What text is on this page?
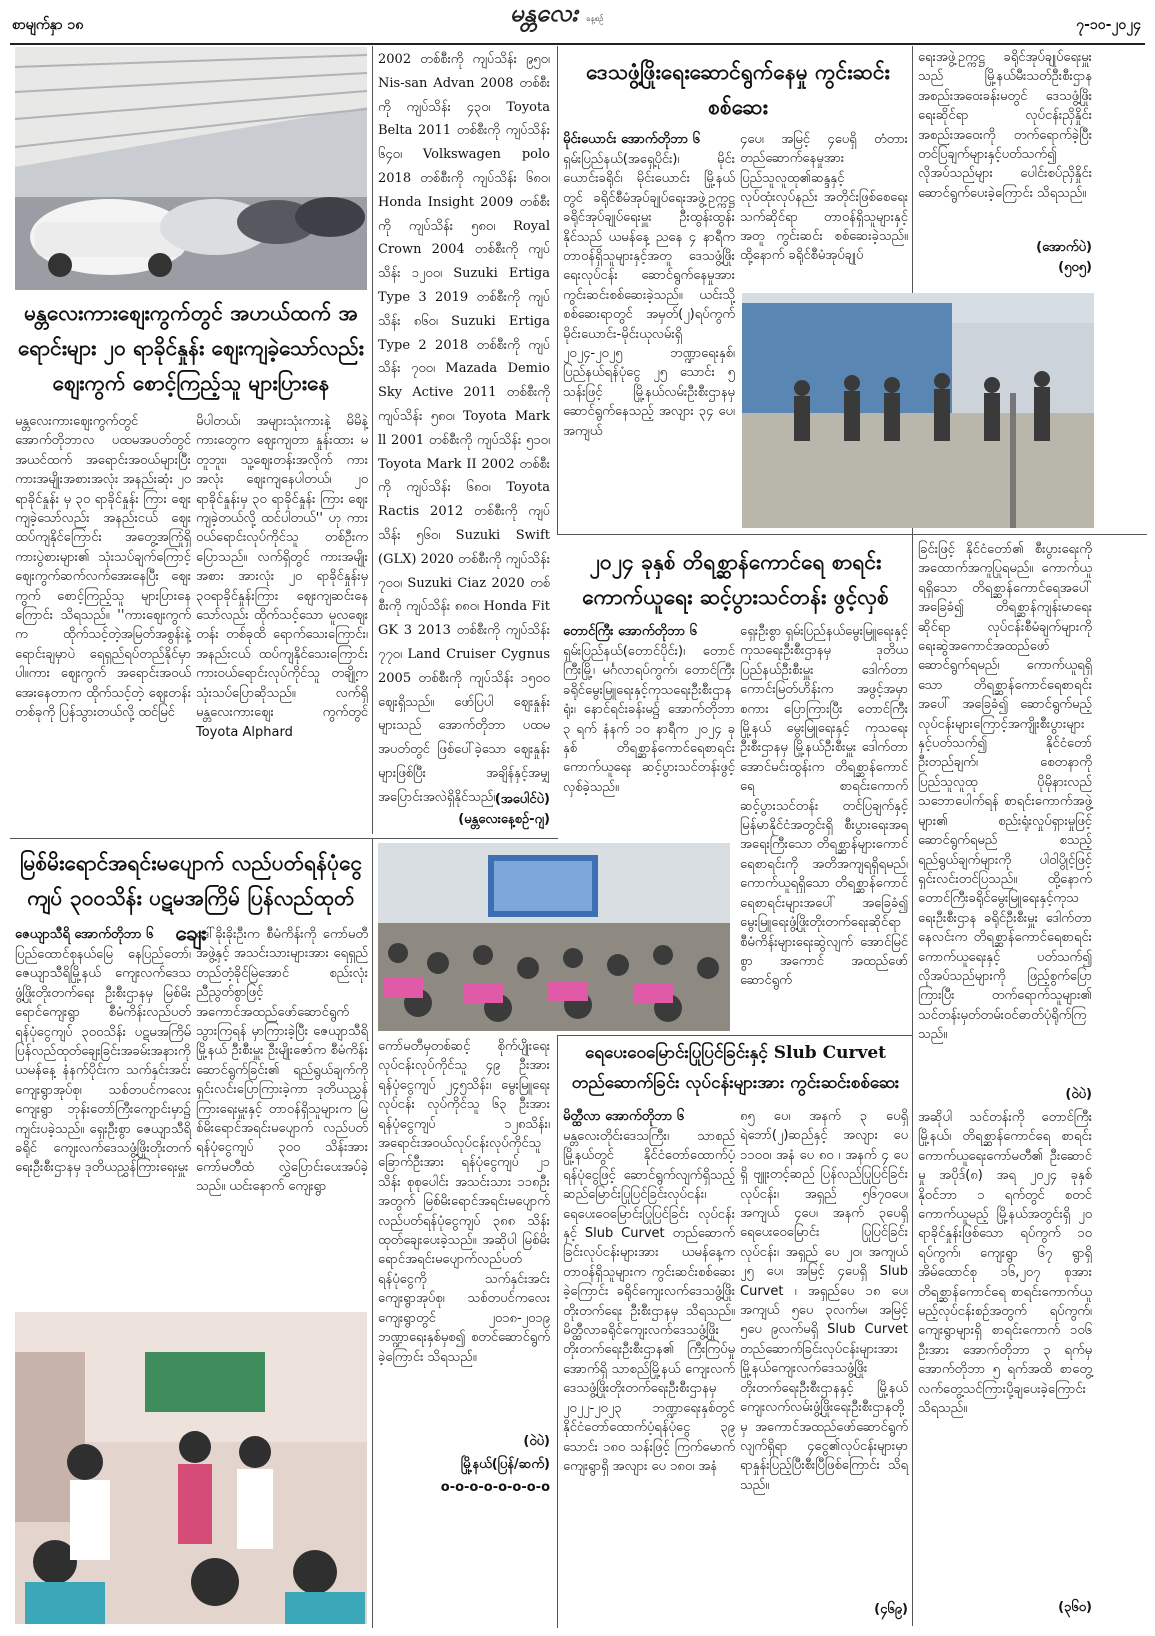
စာမျက်နှာ ၁၈	မန္တလေး နေ့စဉ်	၇-၁၀-၂၀၂၄
မန္တလေးကားစျေးကွက်တွင် အဟယ်ထက် အရောင်းများ ၂၀ ရာခိုင်နှုန်း စျေးကျခဲ့သော်လည်း စျေးကွက် စောင့်ကြည့်သူ များပြားနေ
မန္တလေးကားစျေးကွက်တွင် အောက်တိုဘာလ ပထမအပတ်တွင် အယင်ထက် အရောင်းအဝယ်များပြီး ကားအမျိုးအစားအလုံး အနည်းဆုံး ၂၀ ရာခိုင်နှုန်း မှ ၃၀ ရာခိုင်နှုန်း ကြား စျေးကျခဲ့သော်လည်း အနည်းငယ် စျေးထပ်ကျနိုင်ကြောင်း အတွေ့အကြုံရှိ ကားပွဲစားများ၏ သုံးသပ်ချက်ကြောင့် စျေးကွက်ဆက်လက်အေးနေပြီး စျေးကွက် စောင့်ကြည့်သူ များပြားနေကြောင်း သိရသည်။ ''ကားစျေးကွက်က ထိုက်သင့်တဲ့အမြတ်အစွန်းနဲ့ ရောင်းချမှာပဲ ရေရှည်ရပ်တည်နိုင်မှာပါ။ကား စျေးကွက် အရောင်းအဝယ်အေးနေတာက ထိုက်သင့်တဲ့ စျေးတန်းတစ်ခုကို ပြန်သွားတယ်လို့ ထင်မြင်
မိပါတယ်၊ အများသုံးကားနဲ့ မိမိနဲ့ ကားတွေက စျေးကျတာ နှုန်းထား မတူဘူး၊ သူ့စျေးတန်းအလိုက် ကားအလုံး စျေးကျနေပါတယ်၊ ၂၀ ရာခိုင်နှုန်းမှ ၃၀ ရာခိုင်နှုန်း ကြား စျေးကျခဲ့တယ်လို့ ထင်ပါတယ်'' ဟု ကားဝယ်ရောင်းလုပ်ကိုင်သူ တစ်ဦးက ပြောသည်။ လက်ရှိတွင် ကားအမျိုးအစား အားလုံး ၂၀ ရာခိုင်နှုန်းမှ ၃၀ရာခိုင်နှုန်းကြား စျေးကျဆင်းနေသော်လည်း ထိုက်သင့်သော မူလစျေးတန်း တစ်ခုထိ ရောက်သေးကြောင်း၊ အနည်းငယ် ထပ်ကျနိုင်သေးကြောင်း ကားဝယ်ရောင်းလုပ်ကိုင်သူ တချို့က သုံးသပ်ပြောဆိုသည်။ လက်ရှိ မန္တလေးကားစျေး ကွက်တွင် Toyota Alphard
2002 တစ်စီးကို ကျပ်သိန်း ၉၅၀၊ Nis-san Advan 2008 တစ်စီးကို ကျပ်သိန်း ၄၃၀၊ Toyota Belta 2011 တစ်စီးကို ကျပ်သိန်း ၆၄၀၊ Volkswagen polo 2018 တစ်စီးကို ကျပ်သိန်း ၆၈၀၊ Honda Insight 2009 တစ်စီးကို ကျပ်သိန်း ၅၈၀၊ Royal Crown 2004 တစ်စီးကို ကျပ်သိန်း ၁၂၀၀၊ Suzuki Ertiga Type 3 2019 တစ်စီးကို ကျပ်သိန်း ၈၆၀၊ Suzuki Ertiga Type 2 2018 တစ်စီးကို ကျပ်သိန်း ၇၀၀၊ Mazada Demio Sky Active 2011 တစ်စီးကို ကျပ်သိန်း ၅၈၀၊ Toyota Mark ll 2001 တစ်စီးကို ကျပ်သိန်း ၅၁၀၊ Toyota Mark II 2002 တစ်စီးကို ကျပ်သိန်း ၆၈၀၊ Toyota Ractis 2012 တစ်စီးကို ကျပ်သိန်း ၅၆၀၊ Suzuki Swift (GLX) 2020 တစ်စီးကို ကျပ်သိန်း ၇၀၀၊ Suzuki Ciaz 2020 တစ်စီးကို ကျပ်သိန်း ၈၈၀၊ Honda Fit GK 3 2013 တစ်စီးကို ကျပ်သိန်း ၇၇၀၊ Land Cruiser Cygnus 2005 တစ်စီးကို ကျပ်သိန်း ၁၅၀၀ စျေးရှိသည်။ ဖော်ပြပါ စျေးနှုန်းများသည် အောက်တိုဘာ ပထမအပတ်တွင် ဖြစ်ပေါ်ခဲ့သော စျေးနှုန်းများဖြစ်ပြီး အချိန်နှင့်အမျှ အပြောင်းအလဲရှိနိုင်သည်။
(အပေါင်ပဲ)
(မန္တလေးနေ့စဉ်-ဂျ)
ဒေသဖွံ့ဖြိုးရေးဆောင်ရွက်နေမှု ကွင်းဆင်းစစ်ဆေး
မိုင်းယောင်း အောက်တိုဘာ ၆
ရှမ်းပြည်နယ်(အရှေ့ပိုင်း)၊ မိုင်းယောင်းခရိုင်၊ မိုင်းယောင်း မြို့နယ်တွင် ခရိုင်စီမံအုပ်ချုပ်ရေးအဖွဲ့ဥက္ကဋ္ဌ ခရိုင်အုပ်ချုပ်ရေးမှူး ဦးထွန်းထွန်းနိုင်သည် ယမန်နေ့ ညနေ ၄ နာရီက တာဝန်ရှိသူများနှင့်အတူ ဒေသဖွံ့ဖြိုးရေးလုပ်ငန်း ဆောင်ရွက်နေမှုအား ကွင်းဆင်းစစ်ဆေးခဲ့သည်။ ယင်းသို့ စစ်ဆေးရာတွင် အမှတ်(၂)ရပ်ကွက် မိုင်းယောင်း-မိုင်းယုလမ်းရှိ ၂၀၂၄-၂၀၂၅ ဘဏ္ဍာရေးနှစ်၊ ပြည်နယ်ရန်ပုံငွေ ၂၅ သောင်း ၅ သန်းဖြင့် မြို့နယ်လမ်းဦးစီးဌာနမှ ဆောင်ရွက်နေသည့် အလျား ၃၄ ပေ၊ အကျယ်
၄ပေ၊ အမြင့် ၄ပေရှိ တံတားတည်ဆောက်နေမှုအား ပြည်သူလူထု၏ဆန္ဒနှင့် လုပ်ထုံးလုပ်နည်း အတိုင်းဖြစ်စေရေး သက်ဆိုင်ရာ တာဝန်ရှိသူများနှင့်အတူ ကွင်းဆင်း စစ်ဆေးခဲ့သည်။ ထို့နောက် ခရိုင်စီမံအုပ်ချုပ်
ရေးအဖွဲ့ဥက္ကဋ္ဌ ခရိုင်အုပ်ချုပ်ရေးမှူးသည် မြို့နယ်မီးသတ်ဦးစီးဌာန အစည်းအဝေးခန်းမတွင် ဒေသဖွံ့ဖြိုးရေးဆိုင်ရာ လုပ်ငန်းညှိနှိုင်း အစည်းအဝေးကို တက်ရောက်ခဲ့ပြီး တင်ပြချက်များနှင့်ပတ်သက်၍ လိုအပ်သည်များ ပေါင်းစပ်ညှိနှိုင်း ဆောင်ရွက်ပေးခဲ့ကြောင်း သိရသည်။
(အောက်ပဲ)
(၅၀၅)
၂၀၂၄ ခုနှစ် တိရစ္ဆာန်ကောင်ရေ စာရင်းကောက်ယူရေး ဆင့်ပွားသင်တန်း ဖွင့်လှစ်
တောင်ကြီး အောက်တိုဘာ ၆
ရှမ်းပြည်နယ်(တောင်ပိုင်း)၊ တောင်ကြီးမြို့၊ မင်္ဂလာရပ်ကွက်၊ တောင်ကြီးခရိုင်မွေးမြူရေးနှင့်ကုသရေးဦးစီးဌာနရုံး၊ နောင်ရင်းခန်းမ၌ အောက်တိုဘာ ၃ ရက် နံနက် ၁၀ နာရီက ၂၀၂၄ ခုနှစ် တိရစ္ဆာန်ကောင်ရေစာရင်းကောက်ယူရေး ဆင့်ပွားသင်တန်းဖွင့်လှစ်ခဲ့သည်။
ရှေးဦးစွာ ရှမ်းပြည်နယ်မွေးမြူရေးနှင့်ကုသရေးဦးစီးဌာနမှ ဒုတိယ ပြည်နယ်ဦးစီးမှူး ဒေါက်တာ ကောင်းမြတ်ဟိန်းက အဖွင့်အမှာစကား ပြောကြားပြီး တောင်ကြီးမြို့နယ် မွေးမြူရေးနှင့် ကုသရေးဦးစီးဌာနမှ မြို့နယ်ဦးစီးမှူး ဒေါက်တာ အောင်မင်းထွန်းက တိရစ္ဆာန်ကောင်ရေ စာရင်းကောက် ဆင့်ပွားသင်တန်း တင်ပြချက်နှင့် မြန်မာနိုင်ငံအတွင်းရှိ စီးပွားရေးအရ အရေးကြီးသော တိရစ္ဆာန်များကောင်ရေစာရင်းကို အတိအကျရရှိရမည်၊ ကောက်ယူရရှိသော တိရစ္ဆာန်ကောင်ရေစာရင်းများအပေါ် အခြေခံ၍ မွေးမြူရေးဖွံ့ဖြိုးတိုးတက်ရေးဆိုင်ရာ စီမံကိန်းများရေးဆွဲလျက် အောင်မြင်စွာ အကောင် အထည်ဖော်ဆောင်ရွက်
ခြင်းဖြင့် နိုင်ငံတော်၏ စီးပွားရေးကို အထောက်အကူပြုရမည်။ ကောက်ယူရရှိသော တိရစ္ဆာန်ကောင်ရေအပေါ် အခြေခံ၍ တိရစ္ဆာန်ကျန်းမာရေးဆိုင်ရာ လုပ်ငန်းစီမံချက်များကို ရေးဆွဲအကောင်အထည်ဖော် ဆောင်ရွက်ရမည်၊ ကောက်ယူရရှိသော တိရစ္ဆာန်ကောင်ရေစာရင်းအပေါ် အခြေခံ၍ ဆောင်ရွက်မည့်လုပ်ငန်းများကြောင့်အကျိုးစီးပွားများနှင့်ပတ်သက်၍ နိုင်ငံတော်ဦးတည်ချက်၊ စေတနာကို ပြည်သူလူထု ပိုမိုနားလည်သဘောပေါက်ရန် စာရင်းကောက်အဖွဲ့များ၏ စည်းရုံးလှုပ်ရှားမှုဖြင့် ဆောင်ရွက်ရမည် စသည့် ရည်ရွယ်ချက်များကို ပါဝါပွိုင့်ဖြင့် ရှင်းလင်းတင်ပြသည်။ ထို့နောက် တောင်ကြီးခရိုင်မွေးမြူရေးနှင့်ကုသရေးဦးစီးဌာန ခရိုင်ဦးစီးမှူး ဒေါက်တာ နေလင်းက တိရစ္ဆာန်ကောင်ရေစာရင်းကောက်ယူရေးနှင့် ပတ်သက်၍ လိုအပ်သည်များကို ဖြည့်စွက်ပြောကြားပြီး တက်ရောက်သူများ၏ သင်တန်းမှတ်တမ်းဝင်ဓာတ်ပုံရိုက်ကြသည်။
(ဝဲပဲ)
အဆိုပါ သင်တန်းကို တောင်ကြီးမြို့နယ်၊ တိရစ္ဆာန်ကောင်ရေ စာရင်းကောက်ယူရေးကော်မတီ၏ ဦးဆောင်မှု အပိုဒ်(၈) အရ ၂၀၂၄ ခုနှစ် နိုဝင်ဘာ ၁ ရက်တွင် စတင်ကောက်ယူမည့် မြို့နယ်အတွင်းရှိ ၂၀ ရာခိုင်နှုန်းဖြစ်သော ရပ်ကွက် ၁၀ ရပ်ကွက်၊ ကျေးရွာ ၆၇ ရွာရှိ အိမ်ထောင်စု ၁၆,၂၀၇ စုအား တိရစ္ဆာန်ကောင်ရေ စာရင်းကောက်ယူမည့်လုပ်ငန်းစဉ်အတွက် ရပ်ကွက်၊ကျေးရွာများရှိ စာရင်းကောက် ၁၀၆ ဦးအား အောက်တိုဘာ ၃ ရက်မှ အောက်တိုဘာ ၅ ရက်အထိ စာတွေ့လက်တွေ့သင်ကြားပို့ချပေးခဲ့ကြောင်း သိရသည်။
(၃၆၀)
မြစ်မိးရောင်အရင်းမပျောက် လည်ပတ်ရန်ပုံငွေကျပ် ၃၀၀သိန်း ပဋမအကြိမ် ပြန်လည်ထုတ်ချေး
ဇေယျာသီရိ အောက်တိုဘာ ၆
ပြည်ထောင်စုနယ်မြေ နေပြည်တော်၊ ဇေယျာသီရိမြို့နယ် ကျေးလက်ဒေသဖွံ့ဖြိုးတိုးတက်ရေး ဦးစီးဌာနမှ မြစ်မိးရောင်ကျေးရွာ စီမံကိန်းလည်ပတ်ရန်ပုံငွေကျပ် ၃၀၀သိန်း ပဋမအကြိမ် ပြန်လည်ထုတ်ချေးခြင်းအခမ်းအနားကို ယမန်နေ့ နံနက်ပိုင်းက သက်နှင်းအင်းကျေးရွာအုပ်စု၊ သစ်တပင်ကလေးကျေးရွာ ဘုန်းတော်ကြီးကျောင်းမှာ၌ ကျင်းပခဲ့သည်။ ရှေးဦးစွာ ဇေယျာသီရိခရိုင် ကျေးလက်ဒေသဖွံ့ဖြိုးတိုးတက်ရေးဦးစီးဌာနမှ ဒုတိယညွှန်ကြားရေးမှူး
ဒေါ်ခိုးခိုးဦးက စီမံကိန်းကို ကော်မတီအဖွဲ့နှင့် အသင်းသားများအား ရေရှည်တည်တံ့ခိုင်မြဲအောင် စည်းလုံးညီညွတ်စွာဖြင့် အကောင်အထည်ဖော်ဆောင်ရွက်သွားကြရန် မှာကြားခဲ့ပြီး ဇေယျာသီရိမြို့နယ် ဦးစီးမှူး ဦးမျိုးဇော်က စီမံကိန်းဆောင်ရွက်ခြင်း၏ ရည်ရွယ်ချက်ကို ရှင်းလင်းပြောကြားခဲ့ကာ ဒုတိယညွှန်ကြားရေးမှူးနှင့် တာဝန်ရှိသူများက မြစ်မိးရောင်အရင်းမပျောက် လည်ပတ်ရန်ပုံငွေကျပ် ၃၀၀ သိန်းအား ကော်မတီထံ လွှဲပြောင်းပေးအပ်ခဲ့သည်။ ယင်းနောက် ကျေးရွာ
ကော်မတီမှတစ်ဆင့် စိုက်ပျိုးရေးလုပ်ငန်းလုပ်ကိုင်သူ ၄၉ ဦးအား ရန်ပုံငွေကျပ် ၂၄၅သိန်း၊ မွေးမြူရေးလုပ်ငန်း လုပ်ကိုင်သူ ၆၃ ဦးအား ရန်ပုံငွေကျပ် ၁၂၈သိန်း၊ အရောင်းအဝယ်လုပ်ငန်းလုပ်ကိုင်သူ ခြောက်ဦးအား ရန်ပုံငွေကျပ် ၂၁ သိန်း စုစုပေါင်း အသင်းသား ၁၁၈ဦးအတွက် မြစ်မိးရောင်အရင်းမပျောက် လည်ပတ်ရန်ပုံငွေကျပ် ၃၈၈ သိန်း ထုတ်ချေးပေးခဲ့သည်။ အဆိုပါ မြစ်မိးရောင်အရင်းမပျောက်လည်ပတ်ရန်ပုံငွေကို သက်နှင်းအင်းကျေးရွာအုပ်စု၊ သစ်တပင်ကလေးကျေးရွာတွင် ၂၀၁၈-၂၀၁၉ ဘဏ္ဍာရေးနှစ်မှစ၍ စတင်ဆောင်ရွက်ခဲ့ကြောင်း သိရသည်။
(ဝဲပဲ)
မြို့နယ်(ပြန်/ဆက်)
o-o-o-o-o-o-o-o
ရေပေးဝေမြောင်းပြုပြင်ခြင်းနှင့် Slub Curvet
တည်ဆောက်ခြင်း လုပ်ငန်းများအား ကွင်းဆင်းစစ်ဆေး
မိတ္ထီလာ အောက်တိုဘာ ၆
မန္တလေးတိုင်းဒေသကြီး၊ သာစည်မြို့နယ်တွင် နိုင်ငံတော်ထောက်ပံ့ရန်ပုံငွေဖြင့် ဆောင်ရွက်လျက်ရှိသည့် ဆည်မြောင်းပြုပြင်ခြင်းလုပ်ငန်း၊ ရေပေးဝေမြောင်းပြုပြင်ခြင်း လုပ်ငန်းနှင့် Slub Curvet တည်ဆောက်ခြင်းလုပ်ငန်းများအား ယမန်နေ့က တာဝန်ရှိသူများက ကွင်းဆင်းစစ်ဆေးခဲ့ကြောင်း ခရိုင်ကျေးလက်ဒေသဖွံ့ဖြိုးတိုးတက်ရေး ဦးစီးဌာနမှ သိရသည်။ မိတ္ထီလာခရိုင်ကျေးလက်ဒေသဖွံ့ဖြိုးတိုးတက်ရေးဦးစီးဌာန၏ ကြီးကြပ်မှုအောက်ရှိ သာစည်မြို့နယ် ကျေးလက်ဒေသဖွံ့ဖြိုးတိုးတက်ရေးဦးစီးဌာနမှ ၂၀၂၂-၂၀၂၃ ဘဏ္ဍာရေးနှစ်တွင် နိုင်ငံတော်ထောက်ပံ့ရန်ပုံငွေ ၃၉ သောင်း ၁၈၀ သန်းဖြင့် ကြက်မောက်ကျေးရွာရှိ အလျား ပေ ၁၈၀၊ အနံ
၈၅ ပေ၊ အနက် ၃ ပေရှိ ရဲဘော်(၂)ဆည်နှင့် အလျား ပေ ၁၁၀၀၊ အနံ ပေ ၈၀ ၊ အနက် ၄ ပေရှိ ဗျူးတင့်ဆည် ပြန်လည်ပြုပြင်ခြင်းလုပ်ငန်း၊ အရှည် ၅၆၇၀ပေ၊ အကျယ် ၄ပေ၊ အနက် ၃ပေရှိ ရေပေးဝေမြောင်း ပြုပြင်ခြင်း လုပ်ငန်း၊ အရှည် ပေ ၂၀၊ အကျယ် ၂၅ ပေ၊ အမြင့် ၄ပေရှိ Slub Curvet ၊ အရှည်ပေ ၁၈ ပေ၊ အကျယ် ၅ပေ ၃လက်မ၊ အမြင့် ၅ပေ ၉လက်မရှိ Slub Curvet တည်ဆောက်ခြင်းလုပ်ငန်းများအား မြို့နယ်ကျေးလက်ဒေသဖွံ့ဖြိုးတိုးတက်ရေးဦးစီးဌာနနှင့် မြို့နယ်ကျေးလက်လမ်းဖွံ့ဖြိုးရေးဦးစီးဌာနတို့မှ အကောင်အထည်ဖော်ဆောင်ရွက်လျက်ရှိရာ ၄ငွေ၏လုပ်ငန်းများမှာ ရာနှုန်းပြည့်ပြီးစီးပြီဖြစ်ကြောင်း သိရသည်။
(၄၆၉)
